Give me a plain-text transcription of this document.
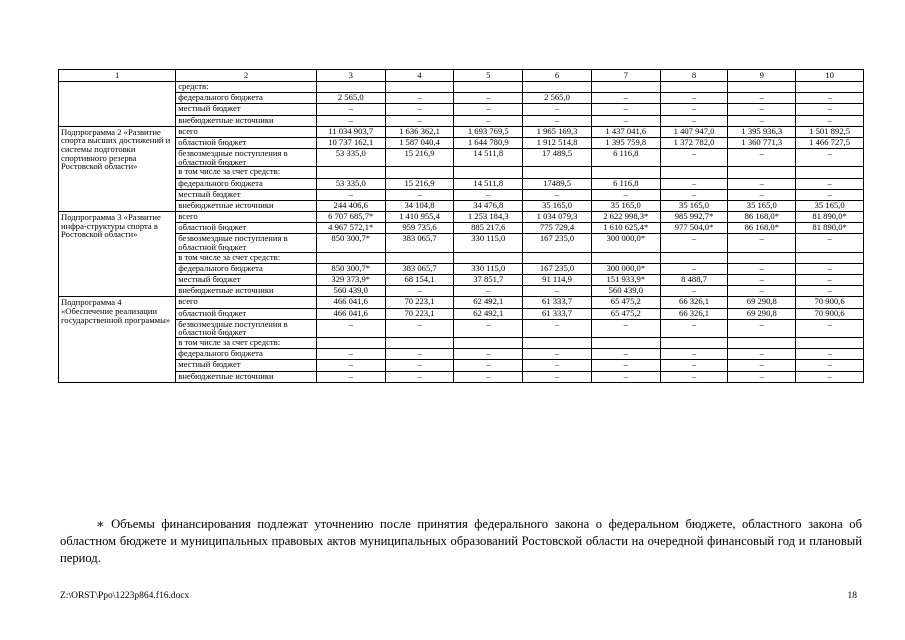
1	2	3	4	5	6	7	8	9	10
	средств:								
	федерального бюджета	2 565,0	–	–	2 565,0	–	–	–	–
	местный бюджет	–	–	–	–	–	–	–	–
	внебюджетные источники	–	–	–	–	–	–	–	–
Подпрограмма 2 «Развитие спорта высших достижений и системы подготовки спортивного резерва Ростовской области»	всего	11 034 903,7	1 636 362,1	1 693 769,5	1 965 169,3	1 437 041,6	1 407 947,0	1 395 936,3	1 501 892,5
	областной бюджет	10 737 162,1	1 587 040,4	1 644 780,9	1 912 514,8	1 395 759,8	1 372 782,0	1 360 771,3	1 466 727,5
	безвозмездные поступления в областной бюджет	53 335,0	15 216,9	14 511,8	17 489,5	6 116,8	–	–	–
	в том числе за счет средств:								
	федерального бюджета	53 335,0	15 216,9	14 511,8	17489,5	6 116,8	–	–	–
	местный бюджет	–	–	–	–	–	–	–	–
	внебюджетные источники	244 406,6	34 104,8	34 476,8	35 165,0	35 165,0	35 165,0	35 165,0	35 165,0
Подпрограмма 3 «Развитие инфра-структуры спорта в Ростовской области»	всего	6 707 685,7*	1 410 955,4	1 253 184,3	1 034 079,3	2 622 998,3*	985 992,7*	86 168,0*	81 890,0*
	областной бюджет	4 967 572,1*	959 735,6	885 217,6	775 729,4	1 610 625,4*	977 504,0*	86 168,0*	81 890,0*
	безвозмездные поступления в областной бюджет	850 300,7*	383 065,7	330 115,0	167 235,0	300 000,0*	–	–	–
	в том числе за счет средств:								
	федерального бюджета	850 300,7*	383 065,7	330 115,0	167 235,0	300 000,0*	–	–	–
	местный бюджет	329 373,9*	68 154,1	37 851,7	91 114,9	151 933,9*	8 488,7	–	–
	внебюджетные источники	560 439,0	–	–	–	560 439,0	–	–	–
Подпрограмма 4 «Обеспечение реализации государственной программы»	всего	466 041,6	70 223,1	62 492,1	61 333,7	65 475,2	66 326,1	69 290,8	70 900,6
	областной бюджет	466 041,6	70 223,1	62 492,1	61 333,7	65 475,2	66 326,1	69 290,8	70 900,6
	безвозмездные поступления в областной бюджет	–	–	–	–	–	–	–	–
	в том числе за счет средств:								
	федерального бюджета	–	–	–	–	–	–	–	–
	местный бюджет	–	–	–	–	–	–	–	–
	внебюджетные источники	–	–	–	–	–	–	–	–
∗ Объемы финансирования подлежат уточнению после принятия федерального закона о федеральном бюджете, областного закона об областном бюджете и муниципальных правовых актов муниципальных образований Ростовской области на очередной финансовый год и плановый период.
Z:\ORST\Ppo\1223p864.f16.docx	18
